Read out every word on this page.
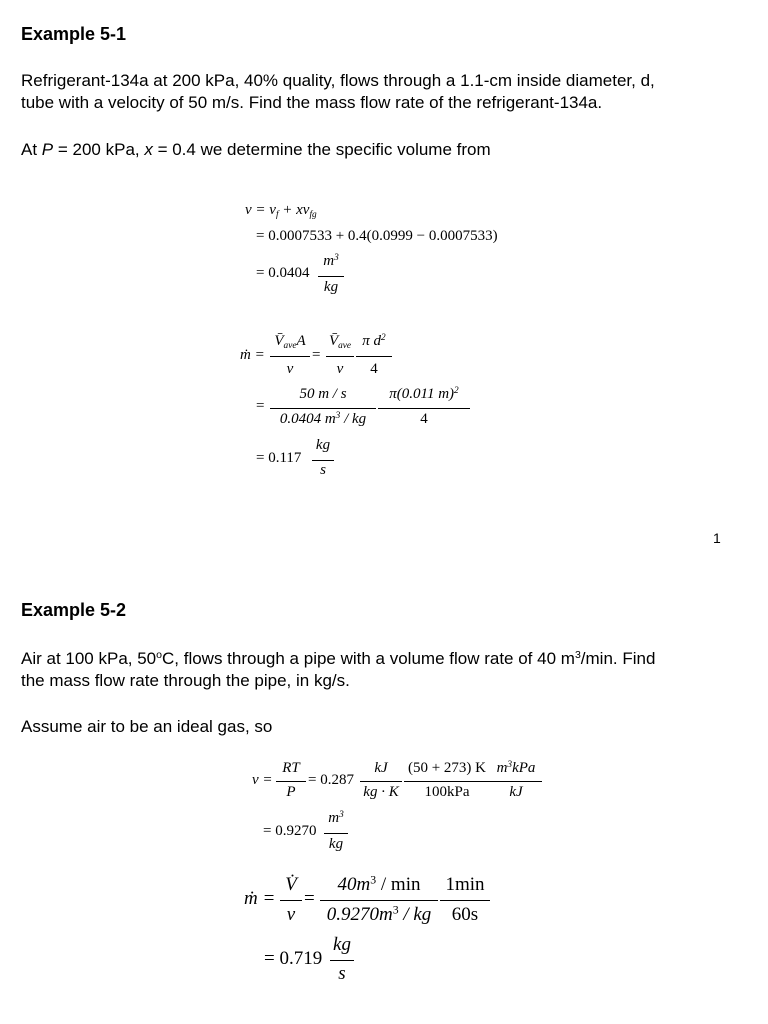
Example 5-1
Refrigerant-134a at 200 kPa, 40% quality, flows through a 1.1-cm inside diameter, d,
tube with a velocity of 50 m/s. Find the mass flow rate of the refrigerant-134a.
At P = 200 kPa, x = 0.4 we determine the specific volume from
$v = v_f + xv_{fg}$
= 0.0007533 + 0.4(0.0999 − 0.0007533)
= 0.0404
$m^3$
kg
ṁ =
$V̄_{ave}A$
v
=
$V̄_{ave}$
v
π $d^2$
4
=
50 m / s
0.0404 $m^3$ / kg
π(0.011 m)$^2$
4
= 0.117
kg
s
1
Example 5-2
Air at 100 kPa, 50$^o$C, flows through a pipe with a volume flow rate of 40 $m^3/\min$. Find
the mass flow rate through the pipe, in kg/s.
Assume air to be an ideal gas, so
v =
RT
P
= 0.287
kJ
kg · K
(50 + 273) K
100kPa
$m^3kPa$
kJ
= 0.9270
$m^3$
kg
ṁ =
V̇
v
=
$40m^3$ / min
$0.9270m^3$ / kg
1min
60s
= 0.719
kg
s
